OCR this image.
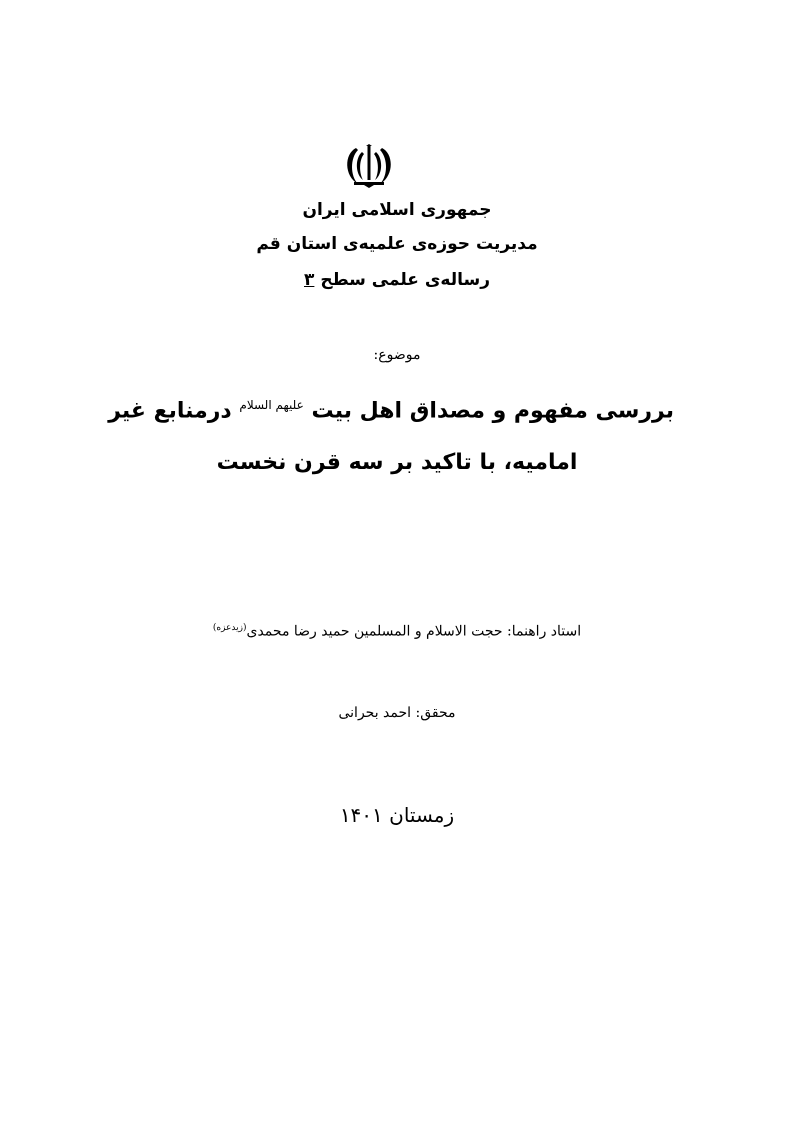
جمهوری اسلامی ایران
مدیریت حوزه‌ی علمیه‌ی استان قم
رساله‌ی علمی سطح ۳
موضوع:
بررسی مفهوم و مصداق اهل بیت $^{علیهم السلام}$ درمنابع غیر
امامیه، با تاکید بر سه قرن نخست
استاد راهنما: حجت الاسلام و المسلمین حمید رضا محمدی$^{(زیدعزه)}$
محقق: احمد بحرانی
زمستان ۱۴۰۱
